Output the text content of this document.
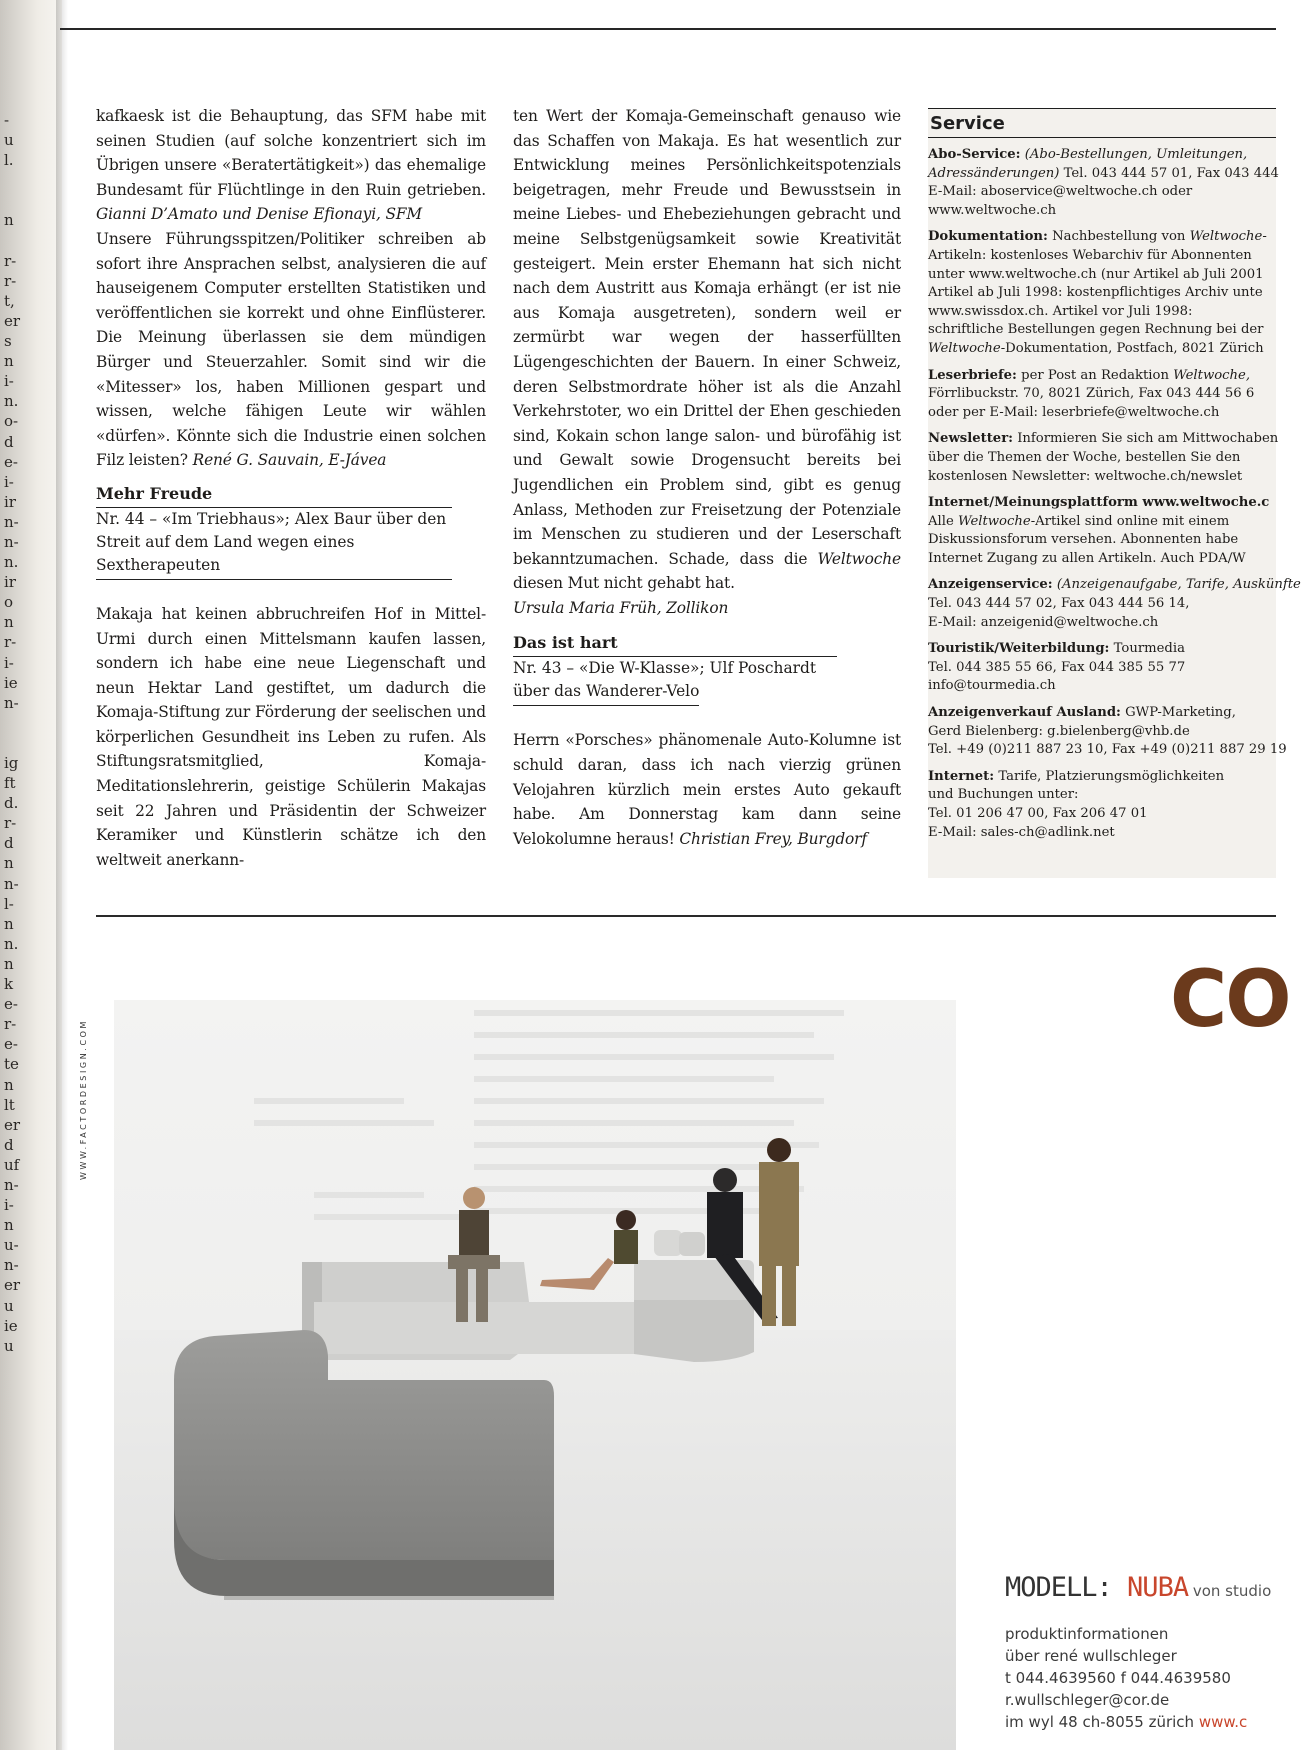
-
u
l.
n
r-
r-
t,
er
s
n
i-
n.
o-
d
e-
i-
ir
n-
n-
n.
ir
o
n
r-
i-
ie
n-
ig
ft
d.
r-
d
n
n-
l-
n
n.
n
k
e-
r-
e-
te
n
lt
er
d
uf
n-
i-
n
u-
n-
er
u
ie
u

kafkaesk ist die Behauptung, das SFM habe mit seinen Studien (auf solche konzentriert sich im Übrigen unsere «Beratertätigkeit») das ehemalige Bundesamt für Flüchtlinge in den Ruin getrieben. Gianni D’Amato und Denise Efionayi, SFM

Unsere Führungsspitzen/Politiker schreiben ab sofort ihre Ansprachen selbst, analysieren die auf hauseigenem Computer erstellten Statistiken und veröffentlichen sie korrekt und ohne Einflüsterer. Die Meinung überlassen sie dem mündigen Bürger und Steuerzahler. Somit sind wir die «Mitesser» los, haben Millionen gespart und wissen, welche fähigen Leute wir wählen «dürfen». Könnte sich die Industrie einen solchen Filz leisten? René G. Sauvain, E-Jávea

Mehr Freude
Nr. 44 – «Im Triebhaus»; Alex Baur über den Streit auf dem Land wegen eines Sextherapeuten

Makaja hat keinen abbruchreifen Hof in Mittel-Urmi durch einen Mittelsmann kaufen lassen, sondern ich habe eine neue Liegenschaft und neun Hektar Land gestiftet, um dadurch die Komaja-Stiftung zur Förderung der seelischen und körperlichen Gesundheit ins Leben zu rufen. Als Stiftungsratsmitglied, Komaja-Meditationslehrerin, geistige Schülerin Makajas seit 22 Jahren und Präsidentin der Schweizer Keramiker und Künstlerin schätze ich den weltweit anerkann-

ten Wert der Komaja-Gemeinschaft genauso wie das Schaffen von Makaja. Es hat wesentlich zur Entwicklung meines Persönlichkeitspotenzials beigetragen, mehr Freude und Bewusstsein in meine Liebes- und Ehebeziehungen gebracht und meine Selbstgenügsamkeit sowie Kreativität gesteigert. Mein erster Ehemann hat sich nicht nach dem Austritt aus Komaja erhängt (er ist nie aus Komaja ausgetreten), sondern weil er zermürbt war wegen der hasserfüllten Lügengeschichten der Bauern. In einer Schweiz, deren Selbstmordrate höher ist als die Anzahl Verkehrstoter, wo ein Drittel der Ehen geschieden sind, Kokain schon lange salon- und bürofähig ist und Gewalt sowie Drogensucht bereits bei Jugendlichen ein Problem sind, gibt es genug Anlass, Methoden zur Freisetzung der Potenziale im Menschen zu studieren und der Leserschaft bekanntzumachen. Schade, dass die Weltwoche diesen Mut nicht gehabt hat.

Ursula Maria Früh, Zollikon

Das ist hart
Nr. 43 – «Die W-Klasse»; Ulf Poschardt
über das Wanderer-Velo

Herrn «Porsches» phänomenale Auto-Kolumne ist schuld daran, dass ich nach vierzig grünen Velojahren kürzlich mein erstes Auto gekauft habe. Am Donnerstag kam dann seine Velokolumne heraus! Christian Frey, Burgdorf

Service
Abo-Service: (Abo-Bestellungen, Umleitungen,
Adressänderungen) Tel. 043 444 57 01, Fax 043 444
E-Mail: aboservice@weltwoche.ch oder
www.weltwoche.ch
Dokumentation: Nachbestellung von Weltwoche-
Artikeln: kostenloses Webarchiv für Abonnenten
unter www.weltwoche.ch (nur Artikel ab Juli 2001
Artikel ab Juli 1998: kostenpflichtiges Archiv unte
www.swissdox.ch. Artikel vor Juli 1998:
schriftliche Bestellungen gegen Rechnung bei der
Weltwoche-Dokumentation, Postfach, 8021 Zürich
Leserbriefe: per Post an Redaktion Weltwoche,
Förrlibuckstr. 70, 8021 Zürich, Fax 043 444 56 6
oder per E-Mail: leserbriefe@weltwoche.ch
Newsletter: Informieren Sie sich am Mittwochaben
über die Themen der Woche, bestellen Sie den
kostenlosen Newsletter: weltwoche.ch/newslet
Internet/Meinungsplattform www.weltwoche.c
Alle Weltwoche-Artikel sind online mit einem
Diskussionsforum versehen. Abonnenten habe
Internet Zugang zu allen Artikeln. Auch PDA/W
Anzeigenservice: (Anzeigenaufgabe, Tarife, Auskünfte
Tel. 043 444 57 02, Fax 043 444 56 14,
E-Mail: anzeigenid@weltwoche.ch
Touristik/Weiterbildung: Tourmedia
Tel. 044 385 55 66, Fax 044 385 55 77
info@tourmedia.ch
Anzeigenverkauf Ausland: GWP-Marketing,
Gerd Bielenberg: g.bielenberg@vhb.de
Tel. +49 (0)211 887 23 10, Fax +49 (0)211 887 29 19
Internet: Tarife, Platzierungsmöglichkeiten
und Buchungen unter:
Tel. 01 206 47 00, Fax 206 47 01
E-Mail: sales-ch@adlink.net
WWW.FACTORDESIGN.COM
CO
MODELL: NUBA von studio

produktinformationen

über rené wullschleger

t 044.4639560 f 044.4639580

r.wullschleger@cor.de

im wyl 48 ch-8055 zürich www.c
